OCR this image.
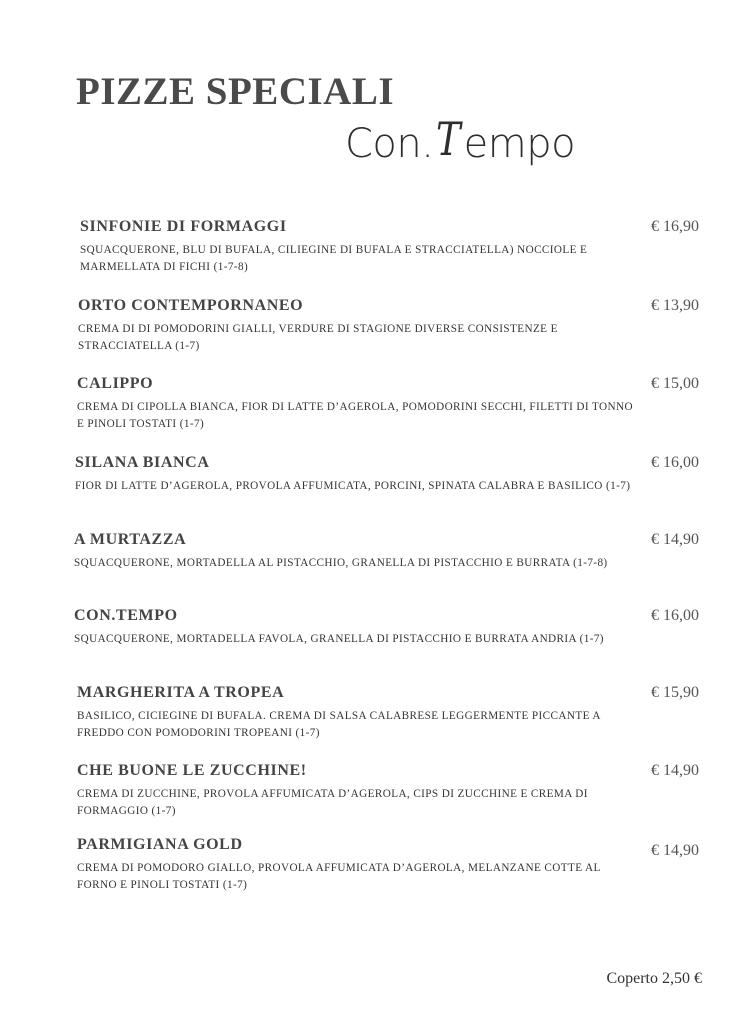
PIZZE SPECIALI
Con.Tempo
SINFONIE DI FORMAGGI	€ 16,90
SQUACQUERONE, BLU DI BUFALA, CILIEGINE DI BUFALA E STRACCIATELLA) NOCCIOLE E MARMELLATA DI FICHI (1-7-8)
ORTO CONTEMPORNANEO	€ 13,90
CREMA DI DI POMODORINI GIALLI, VERDURE DI STAGIONE DIVERSE CONSISTENZE E STRACCIATELLA (1-7)
CALIPPO	€ 15,00
CREMA DI CIPOLLA BIANCA, FIOR DI LATTE D’AGEROLA, POMODORINI SECCHI, FILETTI DI TONNO E PINOLI TOSTATI (1-7)
SILANA BIANCA	€ 16,00
FIOR DI LATTE D’AGEROLA, PROVOLA AFFUMICATA, PORCINI, SPINATA CALABRA E BASILICO (1-7)
A MURTAZZA	€ 14,90
SQUACQUERONE, MORTADELLA AL PISTACCHIO, GRANELLA DI PISTACCHIO E BURRATA (1-7-8)
CON.TEMPO	€ 16,00
SQUACQUERONE, MORTADELLA FAVOLA, GRANELLA DI PISTACCHIO E BURRATA ANDRIA (1-7)
MARGHERITA A TROPEA	€ 15,90
BASILICO, CICIEGINE DI BUFALA. CREMA DI SALSA CALABRESE LEGGERMENTE PICCANTE A FREDDO CON POMODORINI TROPEANI (1-7)
CHE BUONE LE ZUCCHINE!	€ 14,90
CREMA DI ZUCCHINE, PROVOLA AFFUMICATA D’AGEROLA, CIPS DI ZUCCHINE E CREMA DI FORMAGGIO (1-7)
PARMIGIANA GOLD	€ 14,90
CREMA DI POMODORO GIALLO, PROVOLA AFFUMICATA D’AGEROLA, MELANZANE COTTE AL FORNO E PINOLI TOSTATI (1-7)
Coperto 2,50 €
